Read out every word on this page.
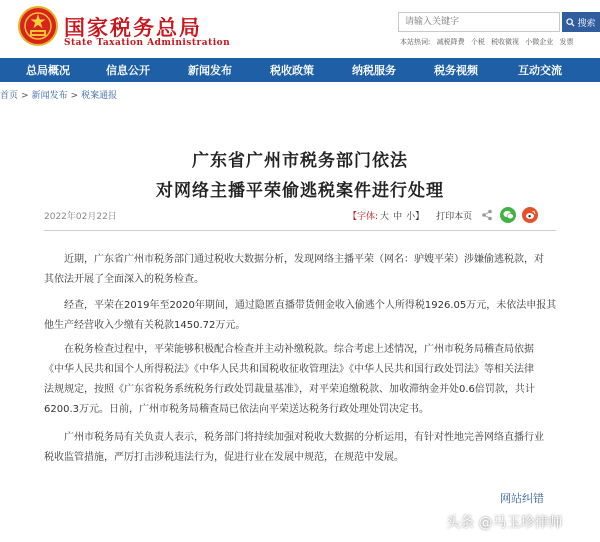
国家税务总局
State Taxation Administration
请输入关键字
搜索
本站热词: 减税降费 个税 税收微视 小微企业 发票
总局概况	信息公开	新闻发布	税收政策	纳税服务	税务视频	互动交流
首页 > 新闻发布 > 税案通报
广东省广州市税务部门依法
对网络主播平荣偷逃税案件进行处理
2022年02月22日	【字体: 大 中 小】 打印本页
近期，广东省广州市税务部门通过税收大数据分析，发现网络主播平荣（网名：驴嫂平荣）涉嫌偷逃税款，对
其依法开展了全面深入的税务检查。
经查，平荣在2019年至2020年期间，通过隐匿直播带货佣金收入偷逃个人所得税1926.05万元，未依法申报其
他生产经营收入少缴有关税款1450.72万元。
在税务检查过程中，平荣能够积极配合检查并主动补缴税款。综合考虑上述情况，广州市税务局稽查局依据
《中华人民共和国个人所得税法》《中华人民共和国税收征收管理法》《中华人民共和国行政处罚法》等相关法律
法规规定，按照《广东省税务系统税务行政处罚裁量基准》，对平荣追缴税款、加收滞纳金并处0.6倍罚款，共计
6200.3万元。日前，广州市税务局稽查局已依法向平荣送达税务行政处理处罚决定书。
广州市税务局有关负责人表示，税务部门将持续加强对税收大数据的分析运用，有针对性地完善网络直播行业
税收监管措施，严厉打击涉税违法行为，促进行业在发展中规范，在规范中发展。
网站纠错
头条 @马玉珍律师
